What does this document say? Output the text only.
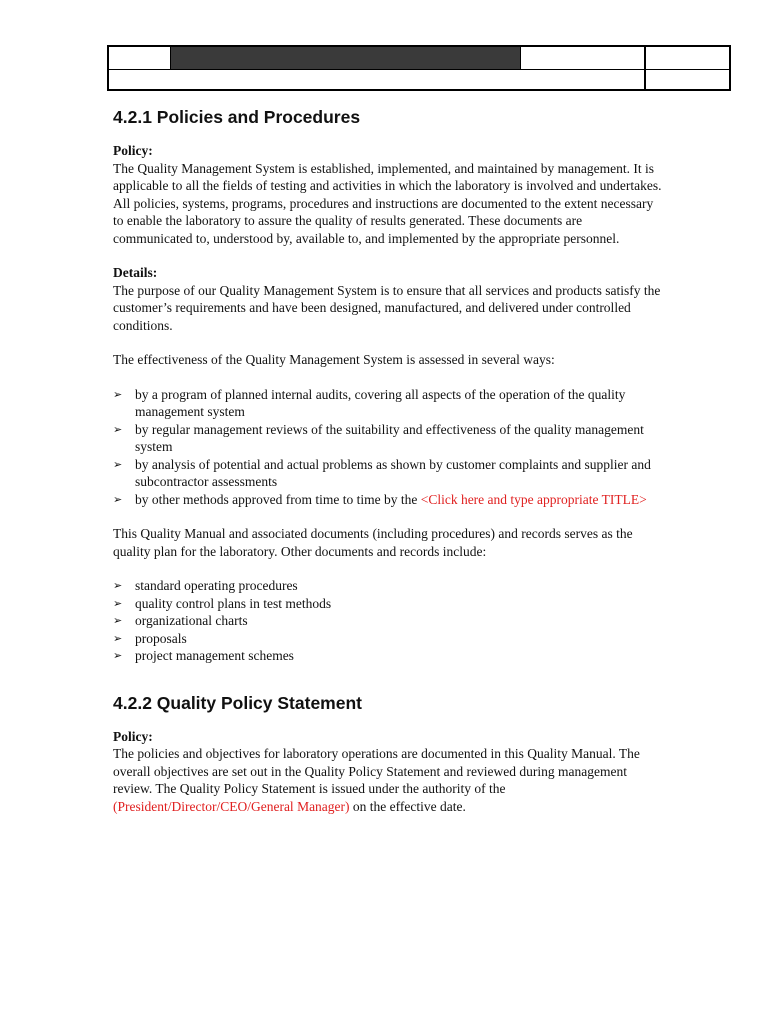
4.2.1 Policies and Procedures

Policy:
The Quality Management System is established, implemented, and maintained by management. It is applicable to all the fields of testing and activities in which the laboratory is involved and undertakes. All policies, systems, programs, procedures and instructions are documented to the extent necessary to enable the laboratory to assure the quality of results generated. These documents are communicated to, understood by, available to, and implemented by the appropriate personnel.

Details:
The purpose of our Quality Management System is to ensure that all services and products satisfy the customer’s requirements and have been designed, manufactured, and delivered under controlled conditions.

The effectiveness of the Quality Management System is assessed in several ways:

➢ by a program of planned internal audits, covering all aspects of the operation of the quality management system
➢ by regular management reviews of the suitability and effectiveness of the quality management system
➢ by analysis of potential and actual problems as shown by customer complaints and supplier and subcontractor assessments
➢ by other methods approved from time to time by the <Click here and type appropriate TITLE>

This Quality Manual and associated documents (including procedures) and records serves as the quality plan for the laboratory. Other documents and records include:

➢ standard operating procedures
➢ quality control plans in test methods
➢ organizational charts
➢ proposals
➢ project management schemes
4.2.2 Quality Policy Statement

Policy:
The policies and objectives for laboratory operations are documented in this Quality Manual. The overall objectives are set out in the Quality Policy Statement and reviewed during management review. The Quality Policy Statement is issued under the authority of the (President/Director/CEO/General Manager) on the effective date.
